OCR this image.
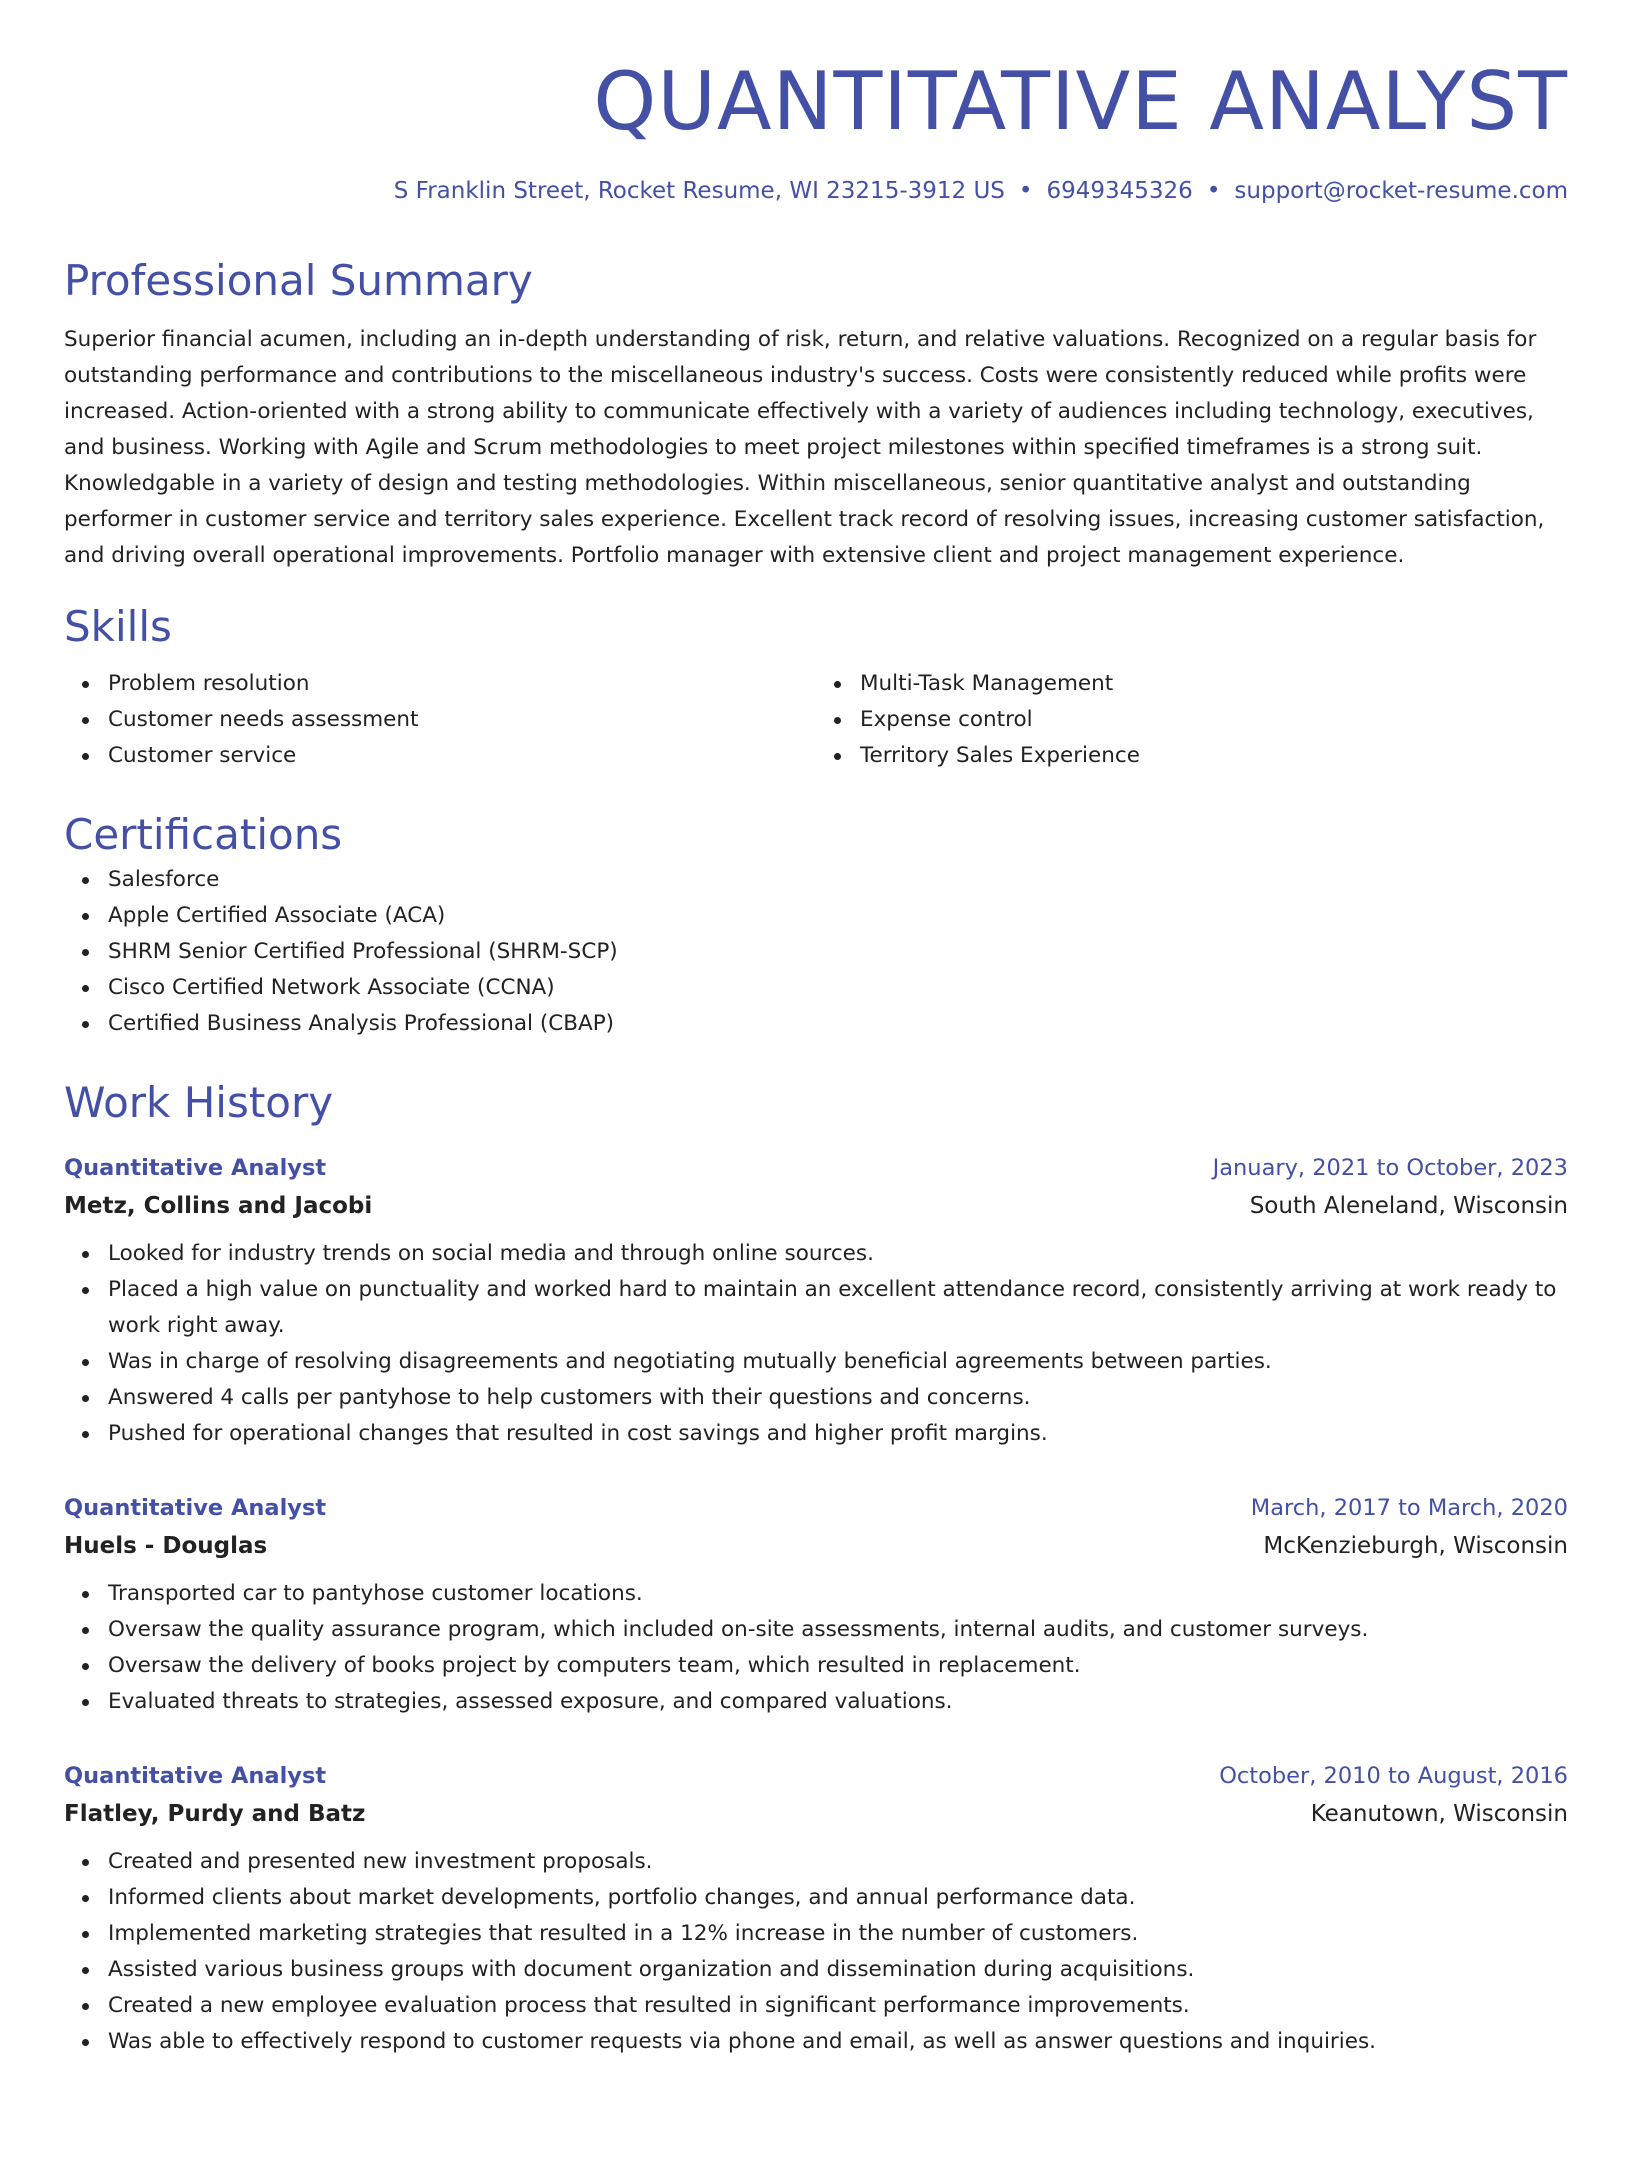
QUANTITATIVE ANALYST
S Franklin Street, Rocket Resume, WI 23215-3912 US • 6949345326 • support@rocket-resume.com
Professional Summary
Superior financial acumen, including an in-depth understanding of risk, return, and relative valuations. Recognized on a regular basis for outstanding performance and contributions to the miscellaneous industry's success. Costs were consistently reduced while profits were increased. Action-oriented with a strong ability to communicate effectively with a variety of audiences including technology, executives, and business. Working with Agile and Scrum methodologies to meet project milestones within specified timeframes is a strong suit. Knowledgable in a variety of design and testing methodologies. Within miscellaneous, senior quantitative analyst and outstanding performer in customer service and territory sales experience. Excellent track record of resolving issues, increasing customer satisfaction, and driving overall operational improvements. Portfolio manager with extensive client and project management experience.
Skills
Problem resolution
Customer needs assessment
Customer service
Multi-Task Management
Expense control
Territory Sales Experience
Certifications
Salesforce
Apple Certified Associate (ACA)
SHRM Senior Certified Professional (SHRM-SCP)
Cisco Certified Network Associate (CCNA)
Certified Business Analysis Professional (CBAP)
Work History
Quantitative Analyst	January, 2021 to October, 2023
Metz, Collins and Jacobi	South Aleneland, Wisconsin
Looked for industry trends on social media and through online sources.
Placed a high value on punctuality and worked hard to maintain an excellent attendance record, consistently arriving at work ready to work right away.
Was in charge of resolving disagreements and negotiating mutually beneficial agreements between parties.
Answered 4 calls per pantyhose to help customers with their questions and concerns.
Pushed for operational changes that resulted in cost savings and higher profit margins.
Quantitative Analyst	March, 2017 to March, 2020
Huels - Douglas	McKenzieburgh, Wisconsin
Transported car to pantyhose customer locations.
Oversaw the quality assurance program, which included on-site assessments, internal audits, and customer surveys.
Oversaw the delivery of books project by computers team, which resulted in replacement.
Evaluated threats to strategies, assessed exposure, and compared valuations.
Quantitative Analyst	October, 2010 to August, 2016
Flatley, Purdy and Batz	Keanutown, Wisconsin
Created and presented new investment proposals.
Informed clients about market developments, portfolio changes, and annual performance data.
Implemented marketing strategies that resulted in a 12% increase in the number of customers.
Assisted various business groups with document organization and dissemination during acquisitions.
Created a new employee evaluation process that resulted in significant performance improvements.
Was able to effectively respond to customer requests via phone and email, as well as answer questions and inquiries.
